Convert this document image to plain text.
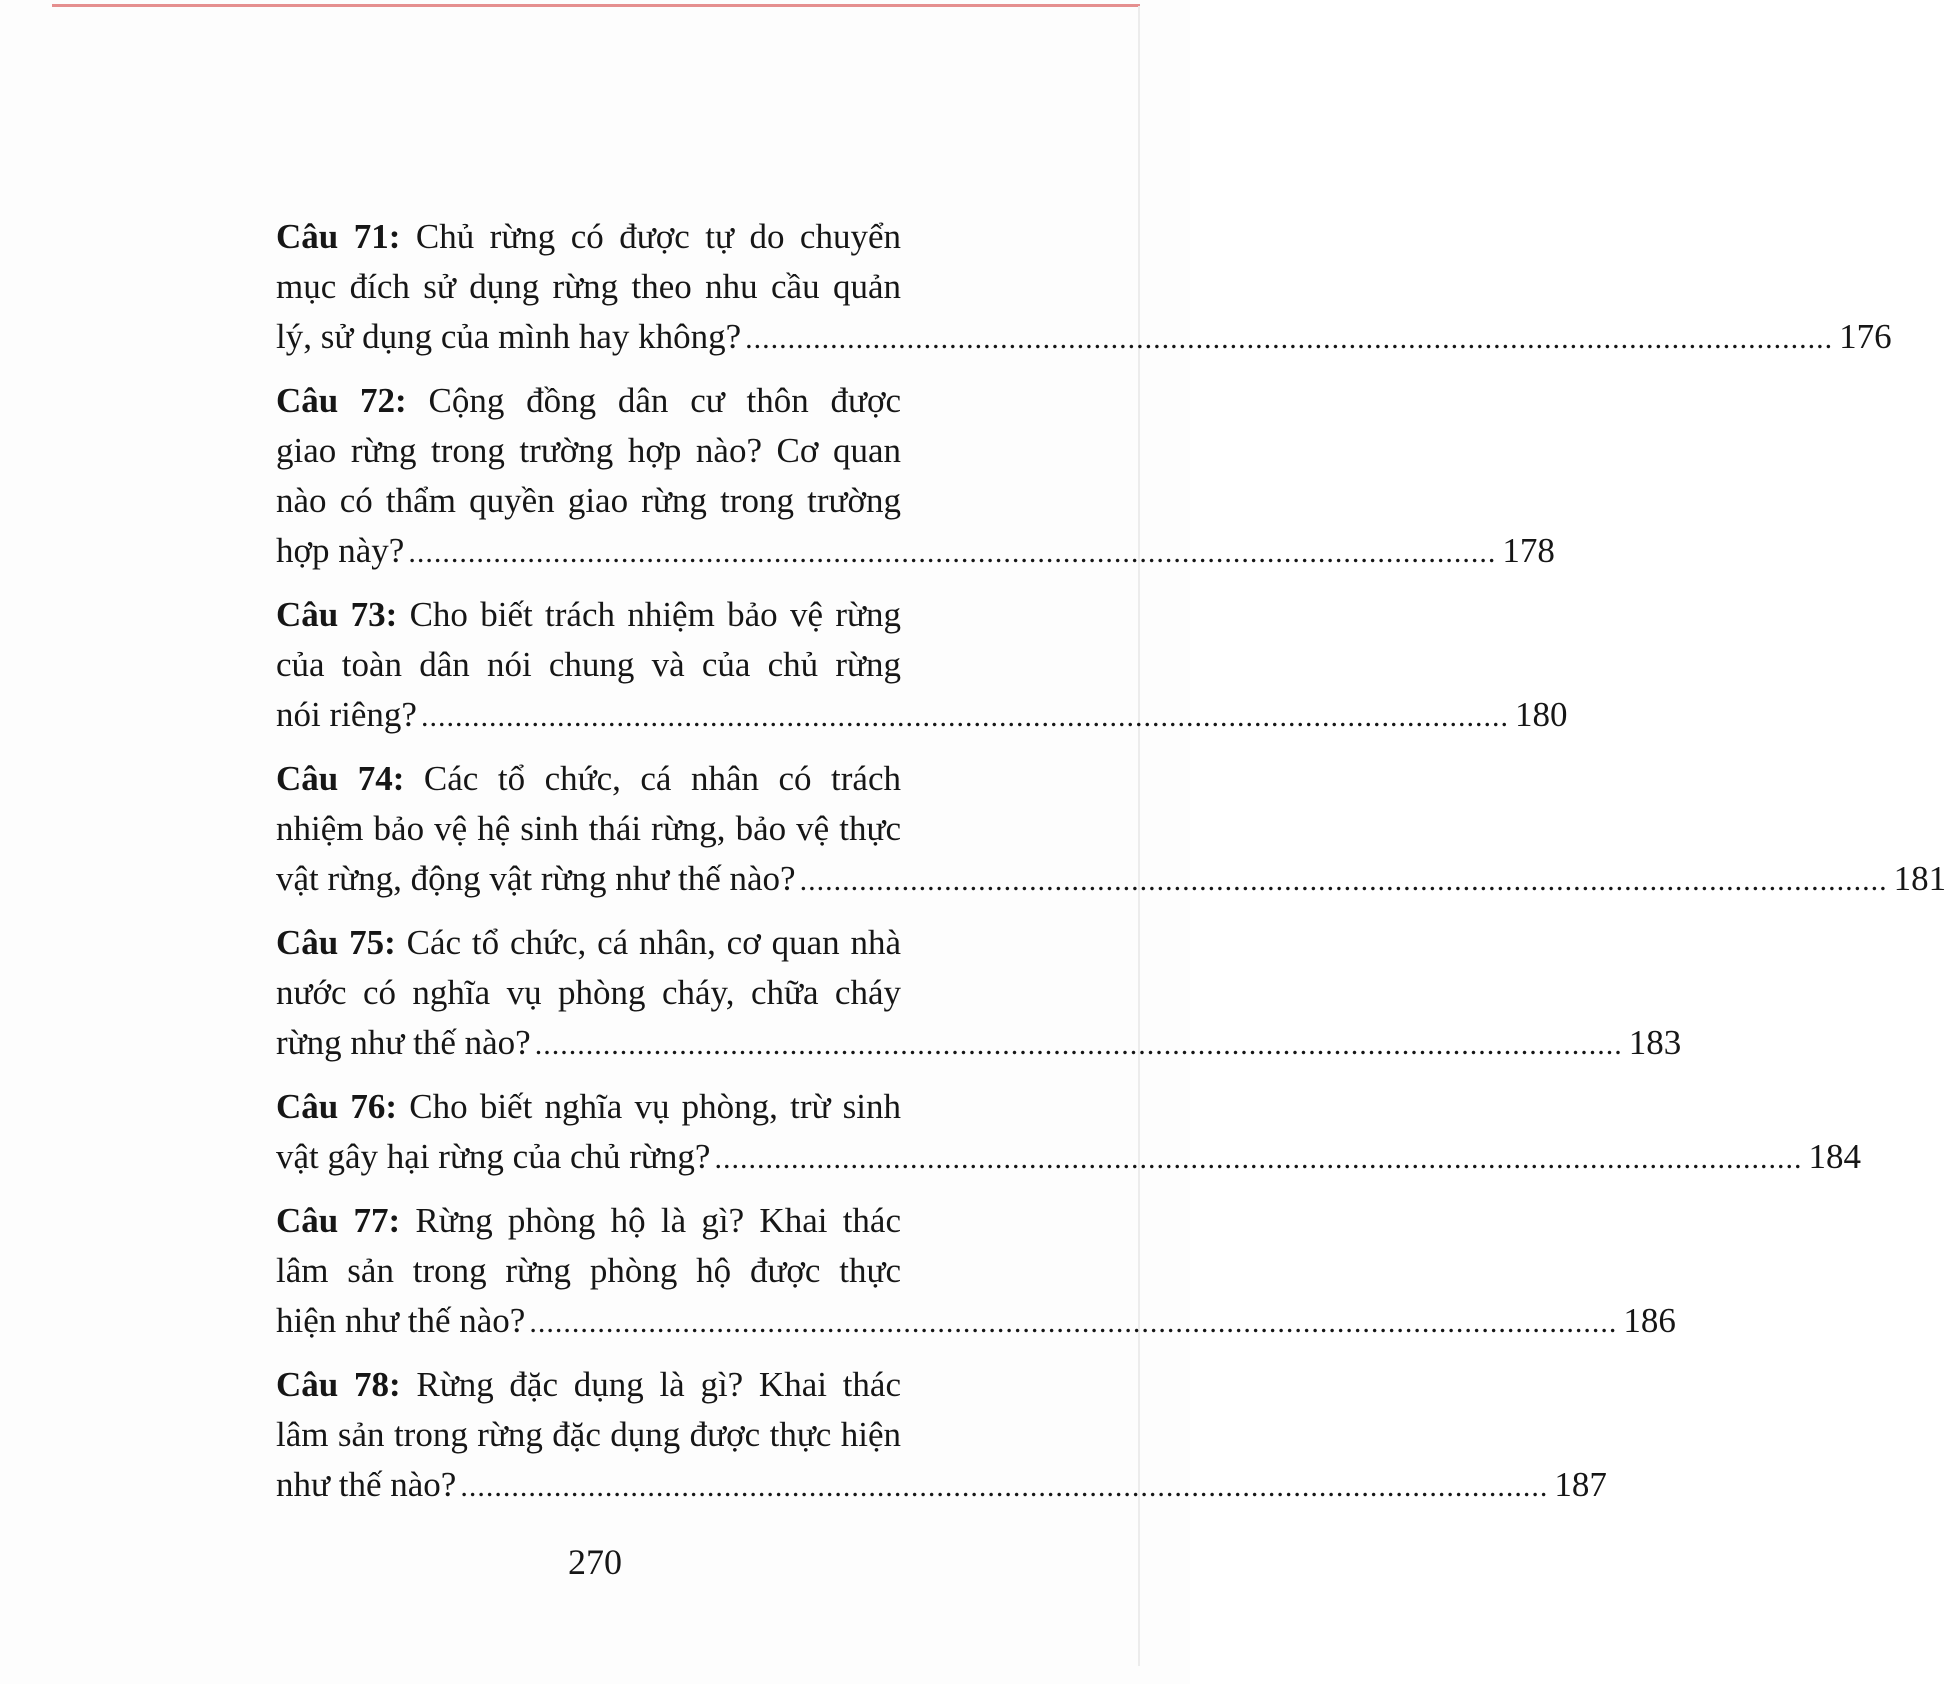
Câu 71: Chủ rừng có được tự do chuyển
mục đích sử dụng rừng theo nhu cầu quản
lý, sử dụng của mình hay không? ................................................................................................................................ 176
Câu 72: Cộng đồng dân cư thôn được
giao rừng trong trường hợp nào? Cơ quan
nào có thẩm quyền giao rừng trong trường
hợp này? ................................................................................................................................ 178
Câu 73: Cho biết trách nhiệm bảo vệ rừng
của toàn dân nói chung và của chủ rừng
nói riêng? ................................................................................................................................ 180
Câu 74: Các tổ chức, cá nhân có trách
nhiệm bảo vệ hệ sinh thái rừng, bảo vệ thực
vật rừng, động vật rừng như thế nào? ................................................................................................................................ 181
Câu 75: Các tổ chức, cá nhân, cơ quan nhà
nước có nghĩa vụ phòng cháy, chữa cháy
rừng như thế nào? ................................................................................................................................ 183
Câu 76: Cho biết nghĩa vụ phòng, trừ sinh
vật gây hại rừng của chủ rừng? ................................................................................................................................ 184
Câu 77: Rừng phòng hộ là gì? Khai thác
lâm sản trong rừng phòng hộ được thực
hiện như thế nào? ................................................................................................................................ 186
Câu 78: Rừng đặc dụng là gì? Khai thác
lâm sản trong rừng đặc dụng được thực hiện
như thế nào? ................................................................................................................................ 187
270
